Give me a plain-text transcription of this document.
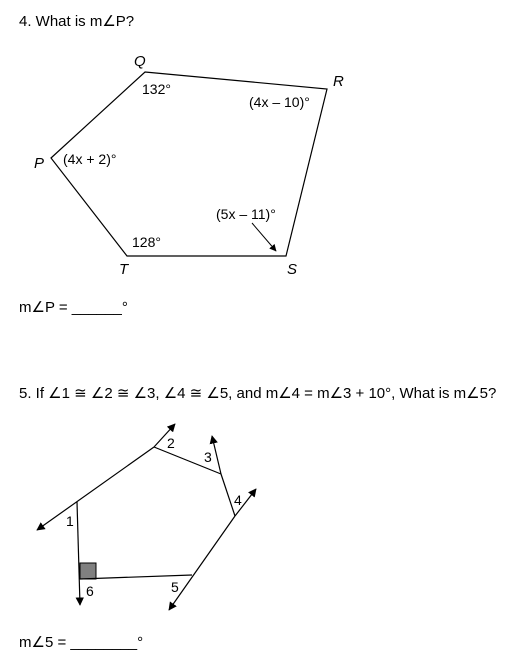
4. What is m∠P?
Q
R
P
T	S
132°
(4x – 10)°
(4x + 2)°
(5x – 11)°
128°
1
2
3
4
5
6
m∠P = ______°
5. If ∠1 ≅ ∠2 ≅ ∠3, ∠4 ≅ ∠5, and m∠4 = m∠3 + 10°, What is m∠5?
m∠5 = ________°
